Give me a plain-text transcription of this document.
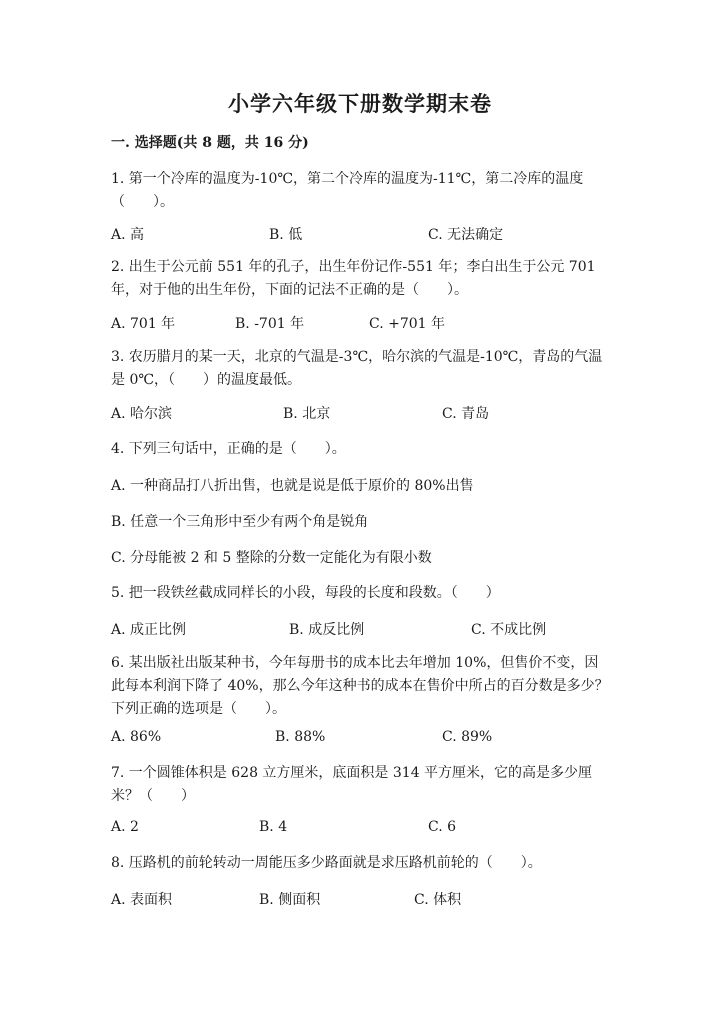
小学六年级下册数学期末卷
一. 选择题(共 8 题，共 16 分)
1. 第一个冷库的温度为-10℃，第二个冷库的温度为-11℃，第二冷库的温度（　　）。
A. 高	B. 低	C. 无法确定
2. 出生于公元前 551 年的孔子，出生年份记作-551 年；李白出生于公元 701 年，对于他的出生年份，下面的记法不正确的是（　　）。
A. 701 年	B. -701 年	C. +701 年
3. 农历腊月的某一天，北京的气温是-3℃，哈尔滨的气温是-10℃，青岛的气温是 0℃，（　　）的温度最低。
A. 哈尔滨	B. 北京	C. 青岛
4. 下列三句话中，正确的是（　　）。
A. 一种商品打八折出售，也就是说是低于原价的 80%出售
B. 任意一个三角形中至少有两个角是锐角
C. 分母能被 2 和 5 整除的分数一定能化为有限小数
5. 把一段铁丝截成同样长的小段，每段的长度和段数。（　　）
A. 成正比例	B. 成反比例	C. 不成比例
6. 某出版社出版某种书，今年每册书的成本比去年增加 10%，但售价不变，因此每本利润下降了 40%，那么今年这种书的成本在售价中所占的百分数是多少？下列正确的选项是（　　）。
A. 86%	B. 88%	C. 89%
7. 一个圆锥体积是 628 立方厘米，底面积是 314 平方厘米，它的高是多少厘米？（　　）
A. 2	B. 4	C. 6
8. 压路机的前轮转动一周能压多少路面就是求压路机前轮的（　　）。
A. 表面积	B. 侧面积	C. 体积
